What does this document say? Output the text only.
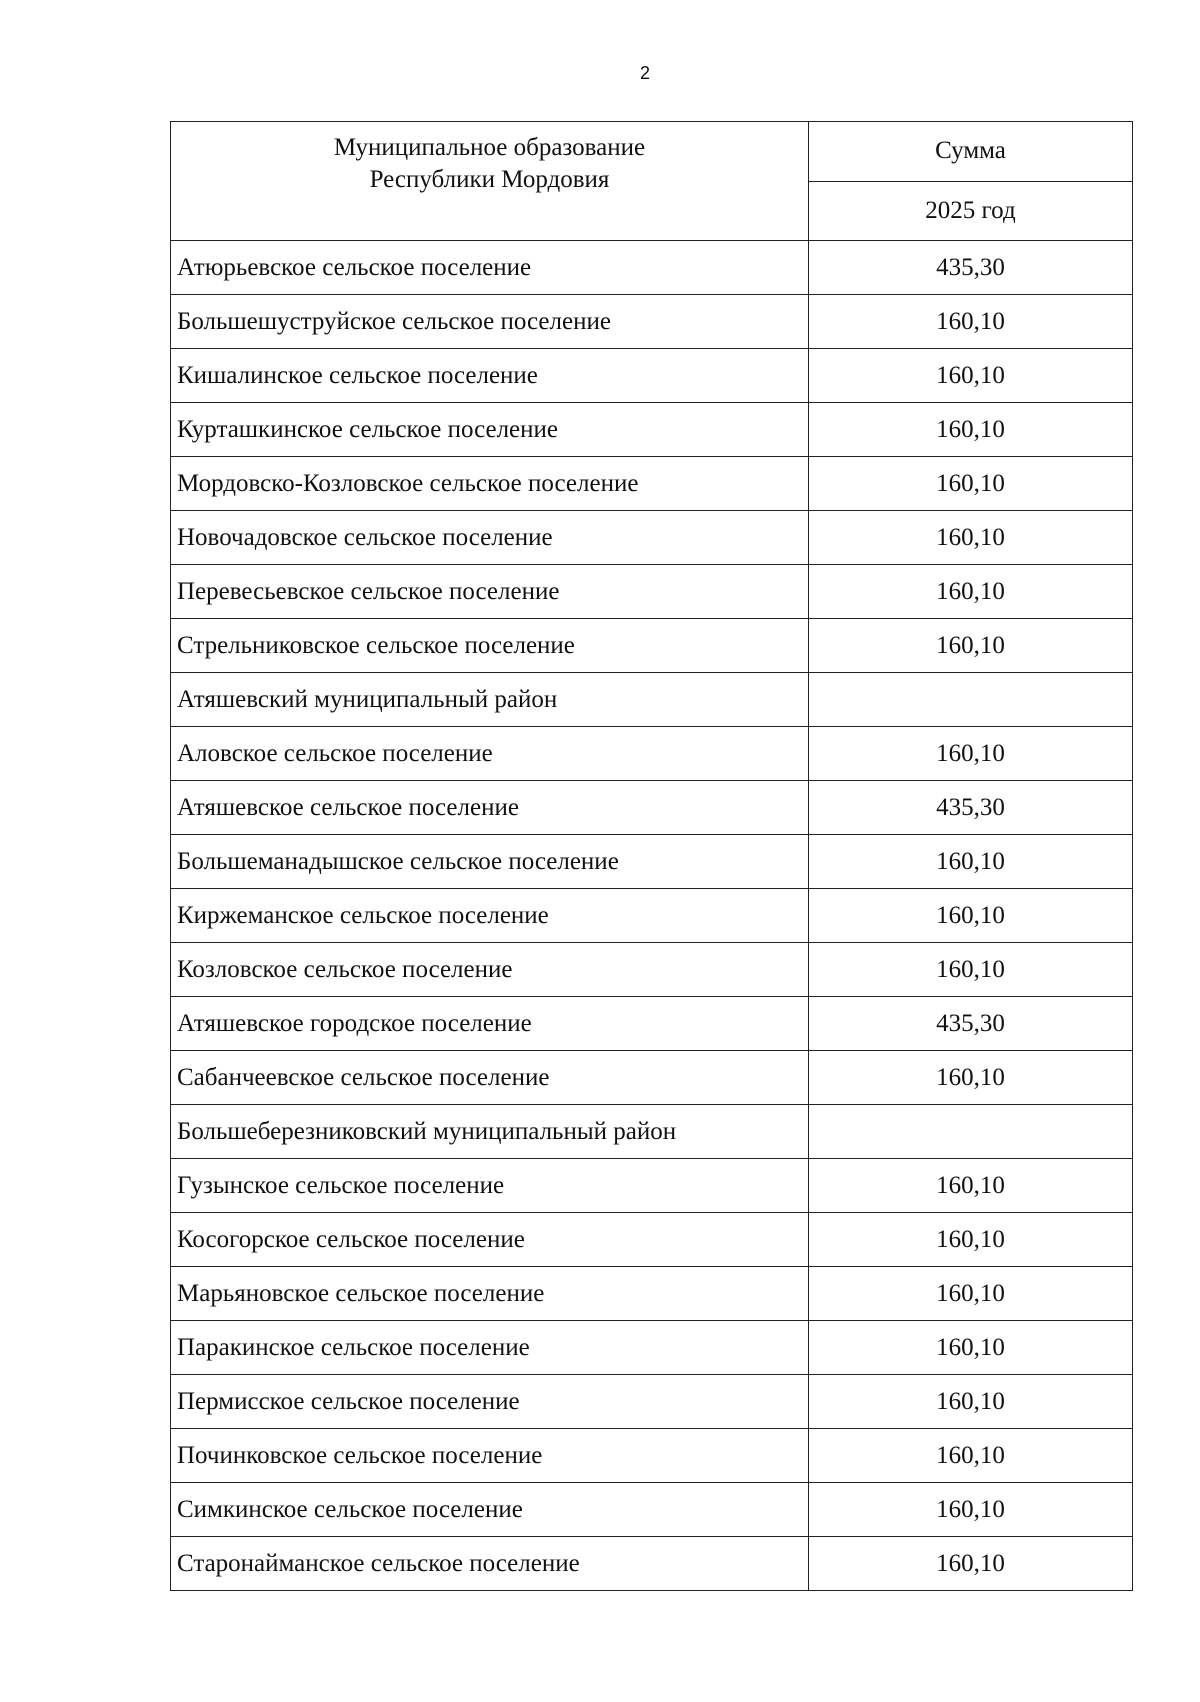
2
Муниципальное образование
Республики Мордовия	Сумма
	2025 год
Атюрьевское сельское поселение	435,30
Большешуструйское сельское поселение	160,10
Кишалинское сельское поселение	160,10
Курташкинское сельское поселение	160,10
Мордовско-Козловское сельское поселение	160,10
Новочадовское сельское поселение	160,10
Перевесьевское сельское поселение	160,10
Стрельниковское сельское поселение	160,10
Атяшевский муниципальный район	
Аловское сельское поселение	160,10
Атяшевское сельское поселение	435,30
Большеманадышское сельское поселение	160,10
Киржеманское сельское поселение	160,10
Козловское сельское поселение	160,10
Атяшевское городское поселение	435,30
Сабанчеевское сельское поселение	160,10
Большеберезниковский муниципальный район	
Гузынское сельское поселение	160,10
Косогорское сельское поселение	160,10
Марьяновское сельское поселение	160,10
Паракинское сельское поселение	160,10
Пермисское сельское поселение	160,10
Починковское сельское поселение	160,10
Симкинское сельское поселение	160,10
Старонайманское сельское поселение	160,10
